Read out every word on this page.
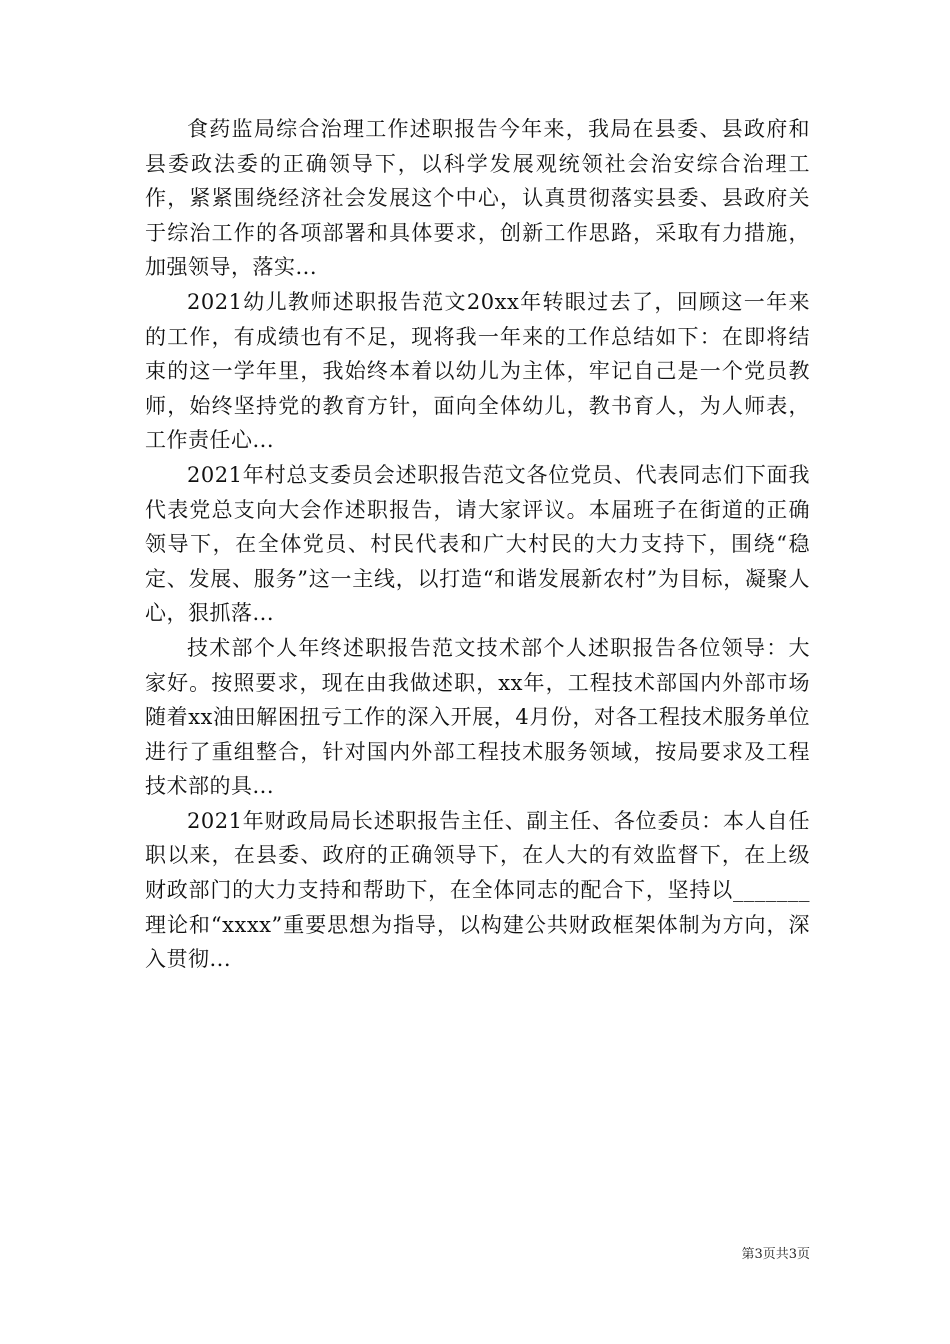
食药监局综合治理工作述职报告今年来，我局在县委、县政府和县委政法委的正确领导下，以科学发展观统领社会治安综合治理工作，紧紧围绕经济社会发展这个中心，认真贯彻落实县委、县政府关于综治工作的各项部署和具体要求，创新工作思路，采取有力措施，加强领导，落实...

2021幼儿教师述职报告范文20xx年转眼过去了，回顾这一年来的工作，有成绩也有不足，现将我一年来的工作总结如下：在即将结束的这一学年里，我始终本着以幼儿为主体，牢记自己是一个党员教师，始终坚持党的教育方针，面向全体幼儿，教书育人，为人师表，工作责任心...

2021年村总支委员会述职报告范文各位党员、代表同志们下面我代表党总支向大会作述职报告，请大家评议。本届班子在街道的正确领导下，在全体党员、村民代表和广大村民的大力支持下，围绕“稳定、发展、服务”这一主线，以打造“和谐发展新农村”为目标，凝聚人心，狠抓落...

技术部个人年终述职报告范文技术部个人述职报告各位领导：大家好。按照要求，现在由我做述职，xx年，工程技术部国内外部市场随着xx油田解困扭亏工作的深入开展，4月份，对各工程技术服务单位进行了重组整合，针对国内外部工程技术服务领域，按局要求及工程技术部的具...

2021年财政局局长述职报告主任、副主任、各位委员：本人自任职以来，在县委、政府的正确领导下，在人大的有效监督下，在上级财政部门的大力支持和帮助下，在全体同志的配合下，坚持以_______理论和“xxxx”重要思想为指导，以构建公共财政框架体制为方向，深入贯彻...

第3页共3页
